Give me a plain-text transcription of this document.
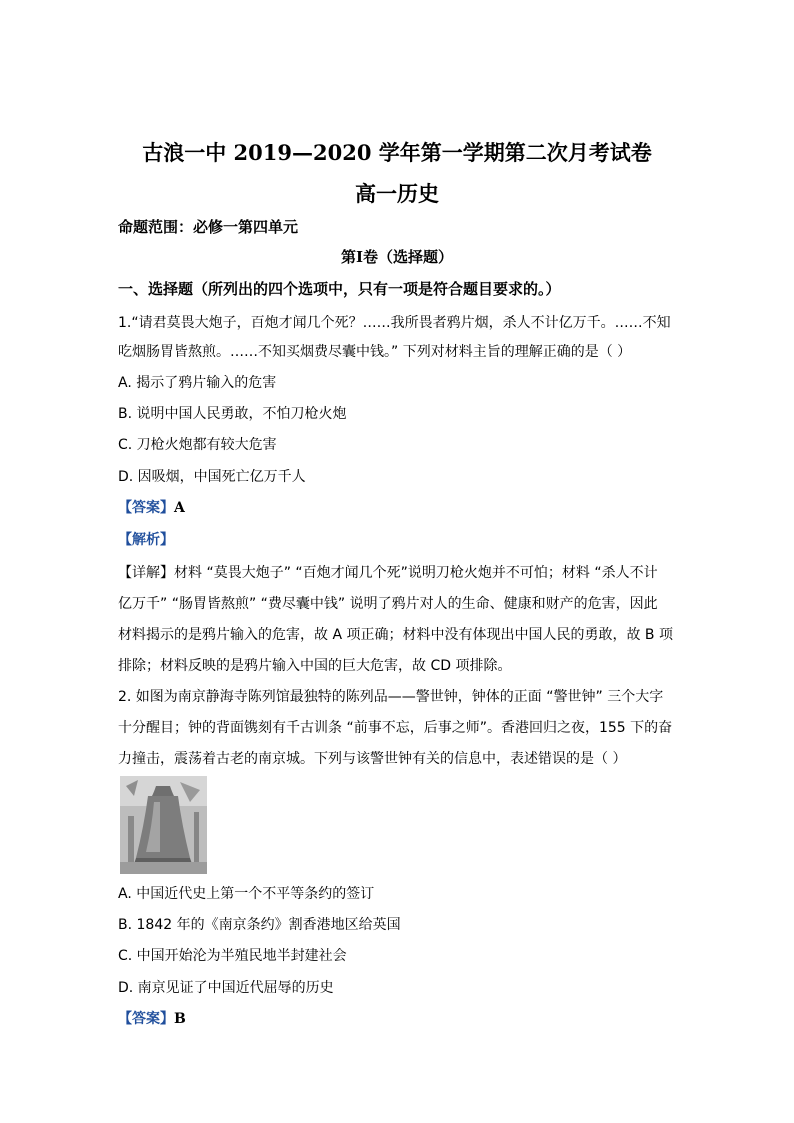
古浪一中 2019—2020 学年第一学期第二次月考试卷
高一历史
命题范围：必修一第四单元
第Ⅰ卷（选择题）
一、选择题（所列出的四个选项中，只有一项是符合题目要求的。）
1.“请君莫畏大炮子，百炮才闻几个死？……我所畏者鸦片烟，杀人不计亿万千。……不知
吃烟肠胃皆熬煎。……不知买烟费尽囊中钱。” 下列对材料主旨的理解正确的是（ ）
A. 揭示了鸦片输入的危害
B. 说明中国人民勇敢，不怕刀枪火炮
C. 刀枪火炮都有较大危害
D. 因吸烟，中国死亡亿万千人
【答案】A
【解析】
【详解】材料 “莫畏大炮子” “百炮才闻几个死”说明刀枪火炮并不可怕；材料 “杀人不计
亿万千” “肠胃皆熬煎” “费尽囊中钱” 说明了鸦片对人的生命、健康和财产的危害，因此
材料揭示的是鸦片输入的危害，故 A 项正确；材料中没有体现出中国人民的勇敢，故 B 项
排除；材料反映的是鸦片输入中国的巨大危害，故 CD 项排除。
2. 如图为南京静海寺陈列馆最独特的陈列品——警世钟，钟体的正面 “警世钟” 三个大字
十分醒目；钟的背面镌刻有千古训条 “前事不忘，后事之师”。香港回归之夜，155 下的奋
力撞击，震荡着古老的南京城。下列与该警世钟有关的信息中，表述错误的是（ ）
A. 中国近代史上第一个不平等条约的签订
B. 1842 年的《南京条约》割香港地区给英国
C. 中国开始沦为半殖民地半封建社会
D. 南京见证了中国近代屈辱的历史
【答案】B
